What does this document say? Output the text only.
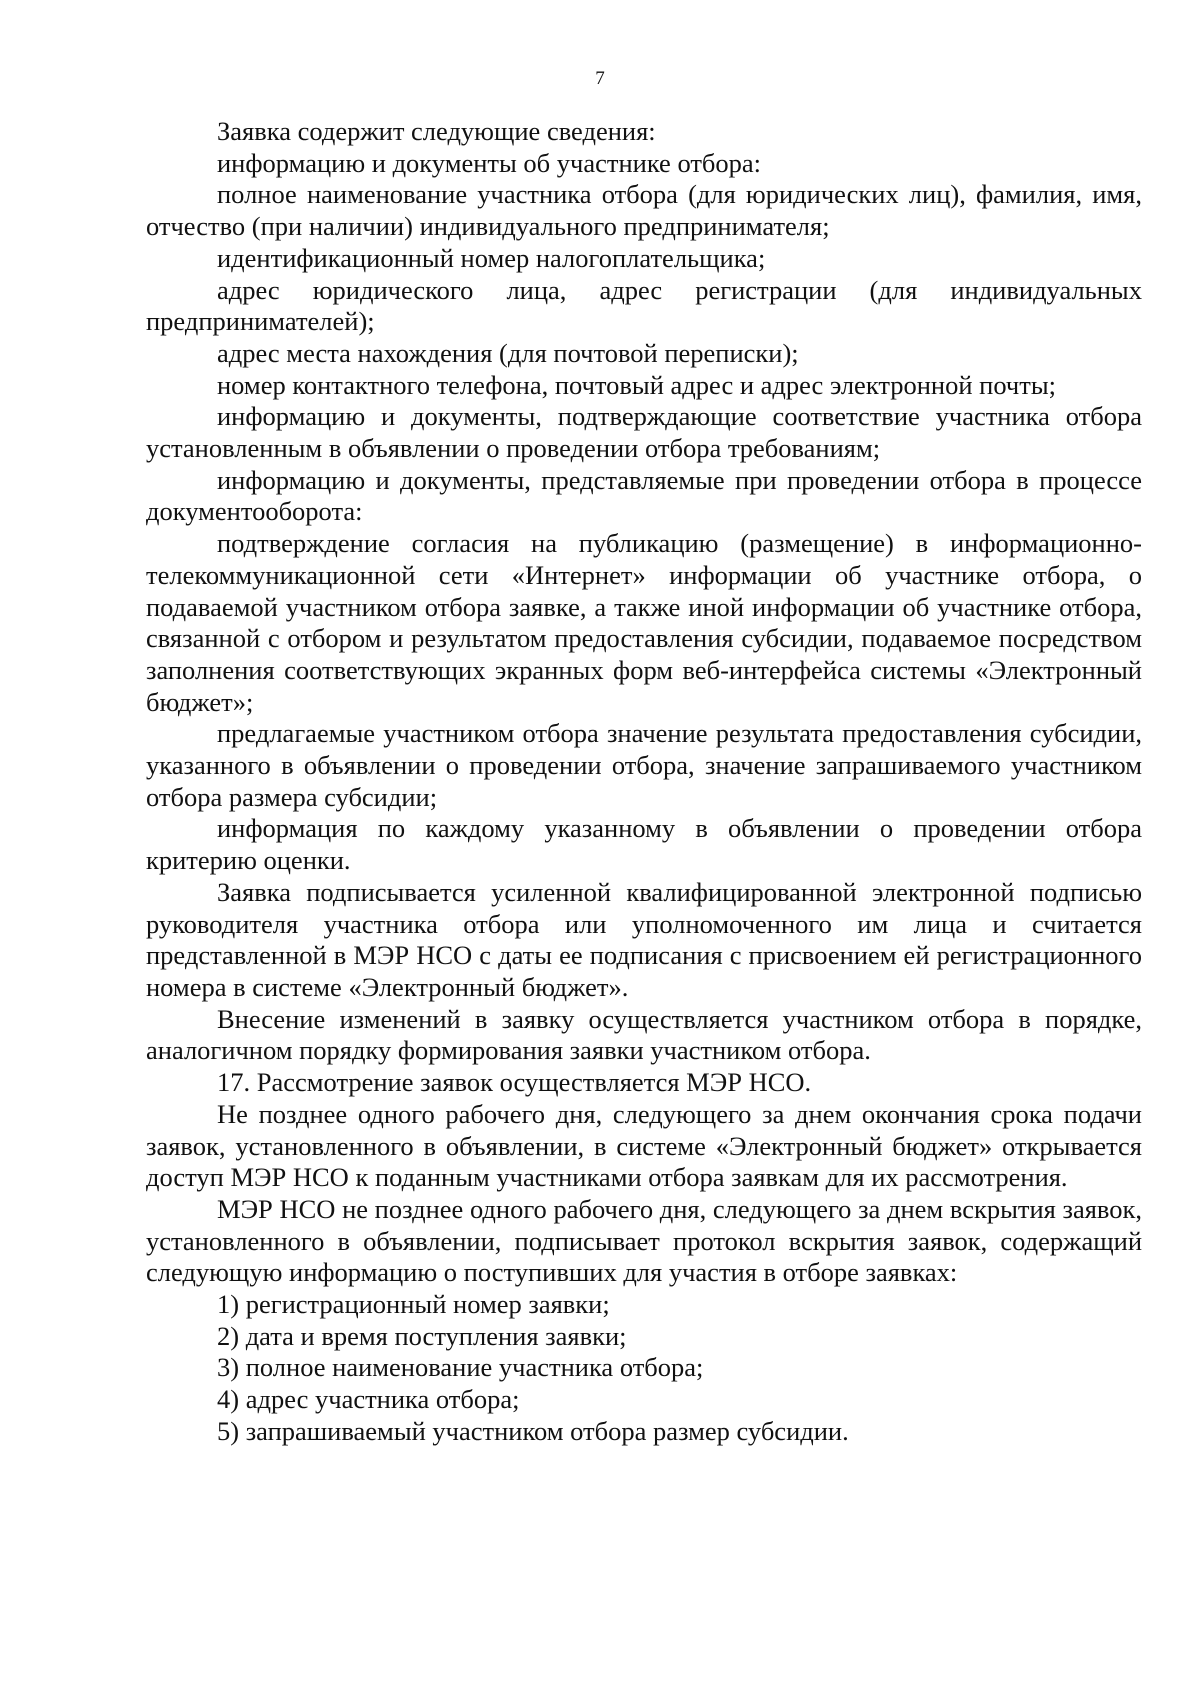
7

Заявка содержит следующие сведения:

информацию и документы об участнике отбора:

полное наименование участника отбора (для юридических лиц), фамилия, имя, отчество (при наличии) индивидуального предпринимателя;

идентификационный номер налогоплательщика;

адрес юридического лица, адрес регистрации (для индивидуальных предпринимателей);

адрес места нахождения (для почтовой переписки);

номер контактного телефона, почтовый адрес и адрес электронной почты;

информацию и документы, подтверждающие соответствие участника отбора установленным в объявлении о проведении отбора требованиям;

информацию и документы, представляемые при проведении отбора в процессе документооборота:

подтверждение согласия на публикацию (размещение) в информационно-телекоммуникационной сети «Интернет» информации об участнике отбора, о подаваемой участником отбора заявке, а также иной информации об участнике отбора, связанной с отбором и результатом предоставления субсидии, подаваемое посредством заполнения соответствующих экранных форм веб-интерфейса системы «Электронный бюджет»;

предлагаемые участником отбора значение результата предоставления субсидии, указанного в объявлении о проведении отбора, значение запрашиваемого участником отбора размера субсидии;

информация по каждому указанному в объявлении о проведении отбора критерию оценки.

Заявка подписывается усиленной квалифицированной электронной подписью руководителя участника отбора или уполномоченного им лица и считается представленной в МЭР НСО с даты ее подписания с присвоением ей регистрационного номера в системе «Электронный бюджет».

Внесение изменений в заявку осуществляется участником отбора в порядке, аналогичном порядку формирования заявки участником отбора.

17. Рассмотрение заявок осуществляется МЭР НСО.

Не позднее одного рабочего дня, следующего за днем окончания срока подачи заявок, установленного в объявлении, в системе «Электронный бюджет» открывается доступ МЭР НСО к поданным участниками отбора заявкам для их рассмотрения.

МЭР НСО не позднее одного рабочего дня, следующего за днем вскрытия заявок, установленного в объявлении, подписывает протокол вскрытия заявок, содержащий следующую информацию о поступивших для участия в отборе заявках:

1) регистрационный номер заявки;

2) дата и время поступления заявки;

3) полное наименование участника отбора;

4) адрес участника отбора;

5) запрашиваемый участником отбора размер субсидии.
